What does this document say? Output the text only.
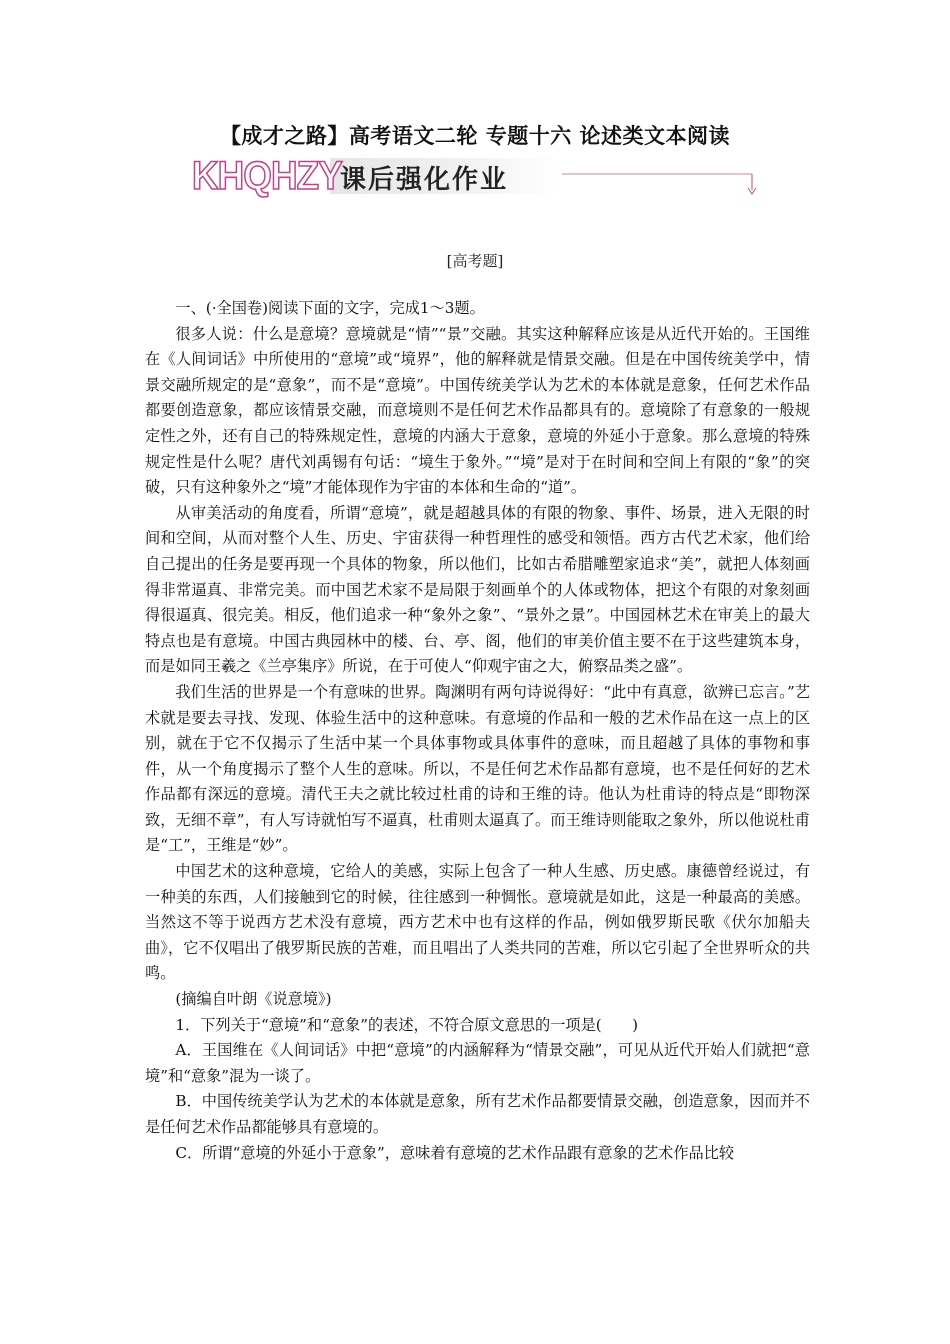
【成才之路】高考语文二轮 专题十六 论述类文本阅读
KHQHZY
课后强化作业
[高考题]

一、(·全国卷)阅读下面的文字，完成1～3题。

很多人说：什么是意境？意境就是“情”“景”交融。其实这种解释应该是从近代开始的。王国维在《人间词话》中所使用的“意境”或“境界”，他的解释就是情景交融。但是在中国传统美学中，情景交融所规定的是“意象”，而不是“意境”。中国传统美学认为艺术的本体就是意象，任何艺术作品都要创造意象，都应该情景交融，而意境则不是任何艺术作品都具有的。意境除了有意象的一般规定性之外，还有自己的特殊规定性，意境的内涵大于意象，意境的外延小于意象。那么意境的特殊规定性是什么呢？唐代刘禹锡有句话：“境生于象外。”“境”是对于在时间和空间上有限的“象”的突破，只有这种象外之“境”才能体现作为宇宙的本体和生命的“道”。

从审美活动的角度看，所谓“意境”，就是超越具体的有限的物象、事件、场景，进入无限的时间和空间，从而对整个人生、历史、宇宙获得一种哲理性的感受和领悟。西方古代艺术家，他们给自己提出的任务是要再现一个具体的物象，所以他们，比如古希腊雕塑家追求“美”，就把人体刻画得非常逼真、非常完美。而中国艺术家不是局限于刻画单个的人体或物体，把这个有限的对象刻画得很逼真、很完美。相反，他们追求一种“象外之象”、“景外之景”。中国园林艺术在审美上的最大特点也是有意境。中国古典园林中的楼、台、亭、阁，他们的审美价值主要不在于这些建筑本身，而是如同王羲之《兰亭集序》所说，在于可使人“仰观宇宙之大，俯察品类之盛”。

我们生活的世界是一个有意味的世界。陶渊明有两句诗说得好：“此中有真意，欲辨已忘言。”艺术就是要去寻找、发现、体验生活中的这种意味。有意境的作品和一般的艺术作品在这一点上的区别，就在于它不仅揭示了生活中某一个具体事物或具体事件的意味，而且超越了具体的事物和事件，从一个角度揭示了整个人生的意味。所以，不是任何艺术作品都有意境，也不是任何好的艺术作品都有深远的意境。清代王夫之就比较过杜甫的诗和王维的诗。他认为杜甫诗的特点是“即物深致，无细不章”，有人写诗就怕写不逼真，杜甫则太逼真了。而王维诗则能取之象外，所以他说杜甫是“工”，王维是“妙”。

中国艺术的这种意境，它给人的美感，实际上包含了一种人生感、历史感。康德曾经说过，有一种美的东西，人们接触到它的时候，往往感到一种惆怅。意境就是如此，这是一种最高的美感。当然这不等于说西方艺术没有意境，西方艺术中也有这样的作品，例如俄罗斯民歌《伏尔加船夫曲》，它不仅唱出了俄罗斯民族的苦难，而且唱出了人类共同的苦难，所以它引起了全世界听众的共鸣。

(摘编自叶朗《说意境》)

1．下列关于“意境”和“意象”的表述，不符合原文意思的一项是(　　)

A．王国维在《人间词话》中把“意境”的内涵解释为“情景交融”，可见从近代开始人们就把“意境”和“意象”混为一谈了。

B．中国传统美学认为艺术的本体就是意象，所有艺术作品都要情景交融，创造意象，因而并不是任何艺术作品都能够具有意境的。

C．所谓“意境的外延小于意象”，意味着有意境的艺术作品跟有意象的艺术作品比较
